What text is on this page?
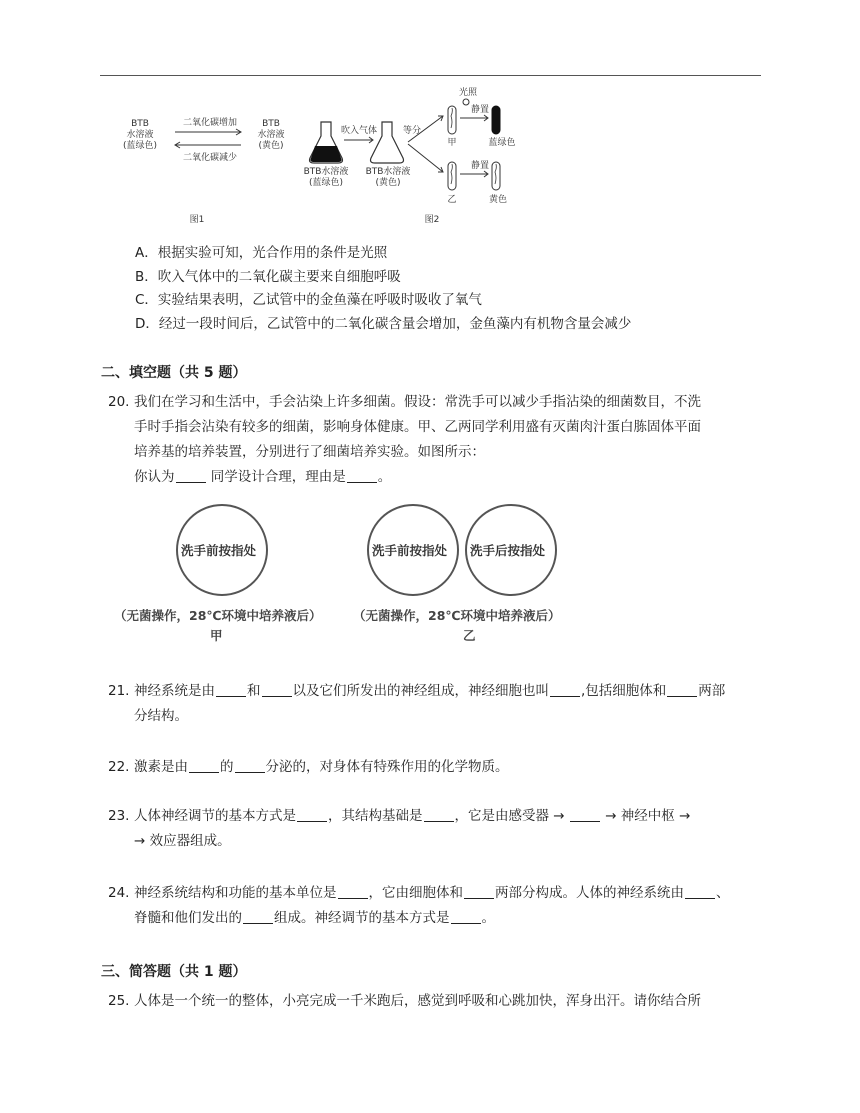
BTB
水溶液
(蓝绿色)
二氧化碳增加
二氧化碳减少
BTB
水溶液
(黄色)
图1
吹入气体	等分
光照
静置
静置
甲	蓝绿色
乙	黄色
BTB水溶液
(蓝绿色)
BTB水溶液
(黄色)
图2
A．根据实验可知，光合作用的条件是光照
B．吹入气体中的二氧化碳主要来自细胞呼吸
C．实验结果表明，乙试管中的金鱼藻在呼吸时吸收了氧气
D．经过一段时间后，乙试管中的二氧化碳含量会增加，金鱼藻内有机物含量会减少
二、填空题（共 5 题）
20. 我们在学习和生活中，手会沾染上许多细菌。假设：常洗手可以减少手指沾染的细菌数目，不洗
手时手指会沾染有较多的细菌，影响身体健康。甲、乙两同学利用盛有灭菌肉汁蛋白胨固体平面
培养基的培养装置，分别进行了细菌培养实验。如图所示：
你认为 同学设计合理，理由是 。
洗手前按指处	洗手前按指处 洗手后按指处
（无菌操作，28℃环境中培养液后）	（无菌操作，28℃环境中培养液后）
甲	乙
21. 神经系统是由 和 以及它们所发出的神经组成，神经细胞也叫 ,包括细胞体和 两部
分结构。
22. 激素是由 的 分泌的，对身体有特殊作用的化学物质。
23. 人体神经调节的基本方式是 ，其结构基础是 ，它是由感受器 →	→ 神经中枢 →
→ 效应器组成。
24. 神经系统结构和功能的基本单位是 ，它由细胞体和 两部分构成。人体的神经系统由 、
脊髓和他们发出的 组成。神经调节的基本方式是 。
三、简答题（共 1 题）
25. 人体是一个统一的整体，小亮完成一千米跑后，感觉到呼吸和心跳加快，浑身出汗。请你结合所
